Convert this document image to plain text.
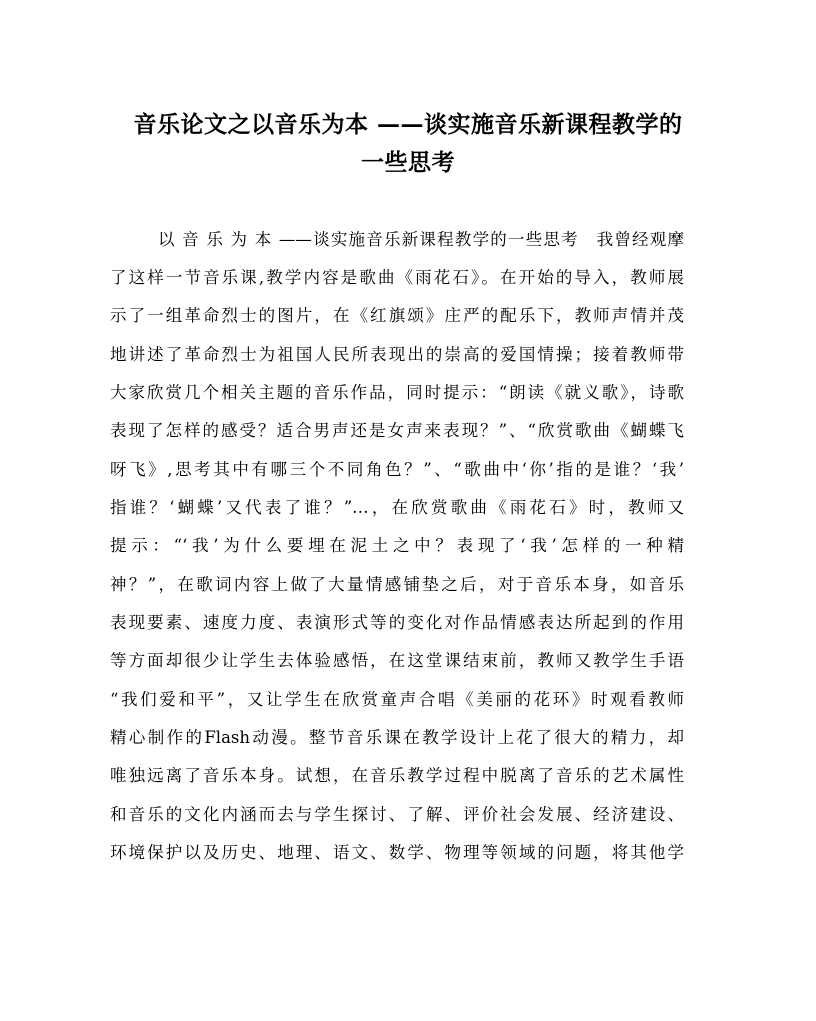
音乐论文之以音乐为本 ——谈实施音乐新课程教学的
一些思考
以 音 乐 为 本 ——谈实施音乐新课程教学的一些思考　我曾经观摩
了这样一节音乐课,教学内容是歌曲《雨花石》。在开始的导入，教师展
示了一组革命烈士的图片，在《红旗颂》庄严的配乐下，教师声情并茂
地讲述了革命烈士为祖国人民所表现出的崇高的爱国情操；接着教师带
大家欣赏几个相关主题的音乐作品，同时提示：“朗读《就义歌》，诗歌
表现了怎样的感受？适合男声还是女声来表现？”、“欣赏歌曲《蝴蝶飞
呀飞》,思考其中有哪三个不同角色？”、“歌曲中‘你’指的是谁？‘我’
指谁？‘蝴蝶’又代表了谁？”…，在欣赏歌曲《雨花石》时，教师又
提示：“‘我’为什么要埋在泥土之中？表现了‘我’怎样的一种精
神？”，在歌词内容上做了大量情感铺垫之后，对于音乐本身，如音乐
表现要素、速度力度、表演形式等的变化对作品情感表达所起到的作用
等方面却很少让学生去体验感悟，在这堂课结束前，教师又教学生手语
“我们爱和平”，又让学生在欣赏童声合唱《美丽的花环》时观看教师
精心制作的Flash动漫。整节音乐课在教学设计上花了很大的精力，却
唯独远离了音乐本身。试想，在音乐教学过程中脱离了音乐的艺术属性
和音乐的文化内涵而去与学生探讨、了解、评价社会发展、经济建设、
环境保护以及历史、地理、语文、数学、物理等领域的问题，将其他学
